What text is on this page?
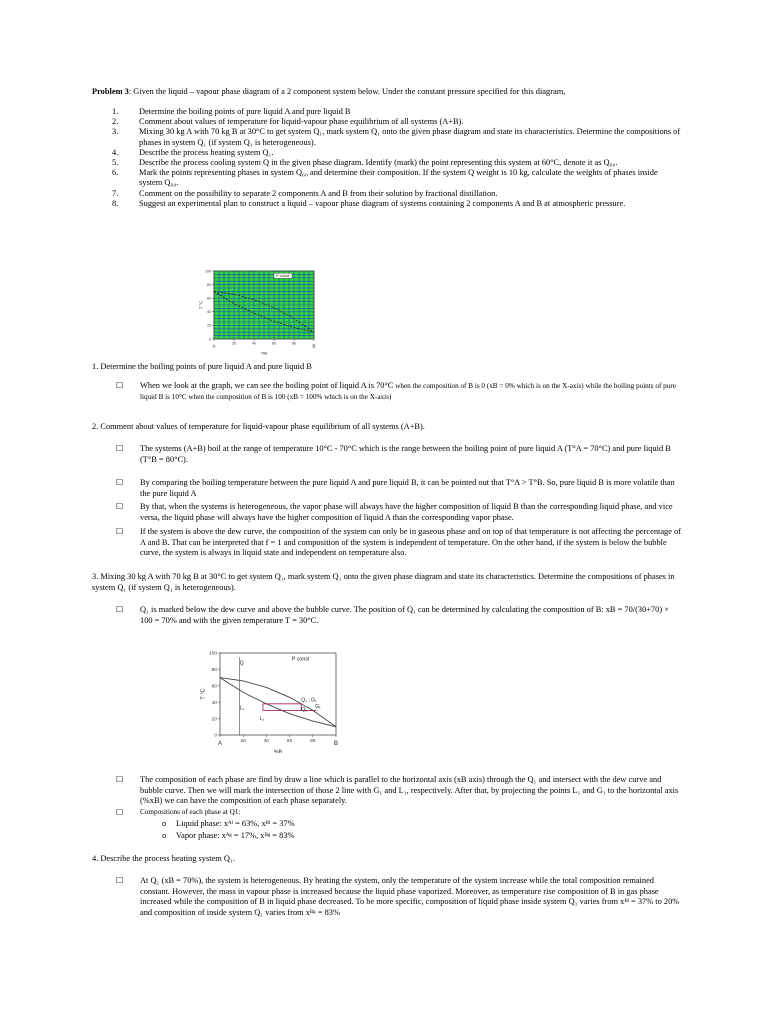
Problem 3: Given the liquid – vapour phase diagram of a 2 component system below. Under the constant pressure specified for this diagram,
1. Determine the boiling points of pure liquid A and pure liquid B
2. Comment about values of temperature for liquid-vapour phase equilibrium of all systems (A+B).
3. Mixing 30 kg A with 70 kg B at 30°C to get system Q₁, mark system Q₁ onto the given phase diagram and state its characteristics. Determine the compositions of phases in system Q₁ (if system Q₁ is heterogeneous).
4. Describe the process heating system Q₁.
5. Describe the process cooling system Q in the given phase diagram. Identify (mark) the point representing this system at 60°C, denote it as Q₆₀.
6. Mark the points representing phases in system Q₆₀ and determine their composition. If the system Q weight is 10 kg, calculate the weights of phases inside system Q₆₀.
7. Comment on the possibility to separate 2 components A and B from their solution by fractional distillation.
8. Suggest an experimental plan to construct a liquid – vapour phase diagram of systems containing 2 components A and B at atmospheric pressure.
0
20
40
60
80
100
20	40	60	80
A	B
%B
T °C
P const
1. Determine the boiling points of pure liquid A and pure liquid B
☐ When we look at the graph, we can see the boiling point of liquid A is 70°C when the composition of B is 0 (xB = 0% which is on the X-axis) while the boiling points of pure liquid B is 10°C when the composition of B is 100 (xB = 100% which is on the X-axis)
2. Comment about values of temperature for liquid-vapour phase equilibrium of all systems (A+B).
☐ The systems (A+B) boil at the range of temperature 10°C - 70°C which is the range between the boiling point of pure liquid A (T°A = 70°C) and pure liquid B (T°B = 80°C).
☐ By comparing the boiling temperature between the pure liquid A and pure liquid B, it can be pointed out that T°A > T°B. So, pure liquid B is more volatile than the pure liquid A
☐ By that, when the systems is heterogeneous, the vapor phase will always have the higher composition of liquid B than the corresponding liquid phase, and vice versa, the liquid phase will always have the higher composition of liquid A than the corresponding vapor phase.
☐ If the system is above the dew curve, the composition of the system can only be in gaseous phase and on top of that temperature is not affecting the percentage of A and B. That can be interpreted that f = 1 and composition of the system is independent of temperature. On the other hand, if the system is below the bubble curve, the system is always in liquid state and independent on temperature also.
3. Mixing 30 kg A with 70 kg B at 30°C to get system Q₁, mark system Q₁ onto the given phase diagram and state its characteristics. Determine the compositions of phases in system Q₁ (if system Q₁ is heterogeneous).
☐ Q₁ is marked below the dew curve and above the bubble curve. The position of Q₁ can be determined by calculating the composition of B: xB = 70/(30+70) × 100 = 70% and with the given temperature T = 30°C.
0
20
40
60
80
100
20	40	60	80
A	B
%B
T °C
P const
Q
Q₁ ; G₁
G₁
Q₁
L₁
L₁
☐ The composition of each phase are find by draw a line which is parallel to the horizontal axis (xB axis) through the Q₁ and intersect with the dew curve and bubble curve. Then we will mark the intersection of those 2 line with G₁ and L₁, respectively. After that, by projecting the points L₁ and G₁ to the horizontal axis (%xB) we can have the composition of each phase separately.
☐ Compositions of each phase at Q1:
o Liquid phase: xᴬˡ = 63%, xᴮˡ = 37%
o Vapor phase: xᴬᵍ = 17%, xᴮᵍ = 83%
4. Describe the process heating system Q₁.
☐ At Q₁ (xB = 70%), the system is heterogeneous. By heating the system, only the temperature of the system increase while the total composition remained constant. However, the mass in vapour phase is increased because the liquid phase vaporized. Moreover, as temperature rise composition of B in gas phase increased while the composition of B in liquid phase decreased. To be more specific, composition of liquid phase inside system Q₁ varies from xᴮˡ = 37% to 20% and composition of inside system Q₁ varies from xᴮᵍ = 83%
